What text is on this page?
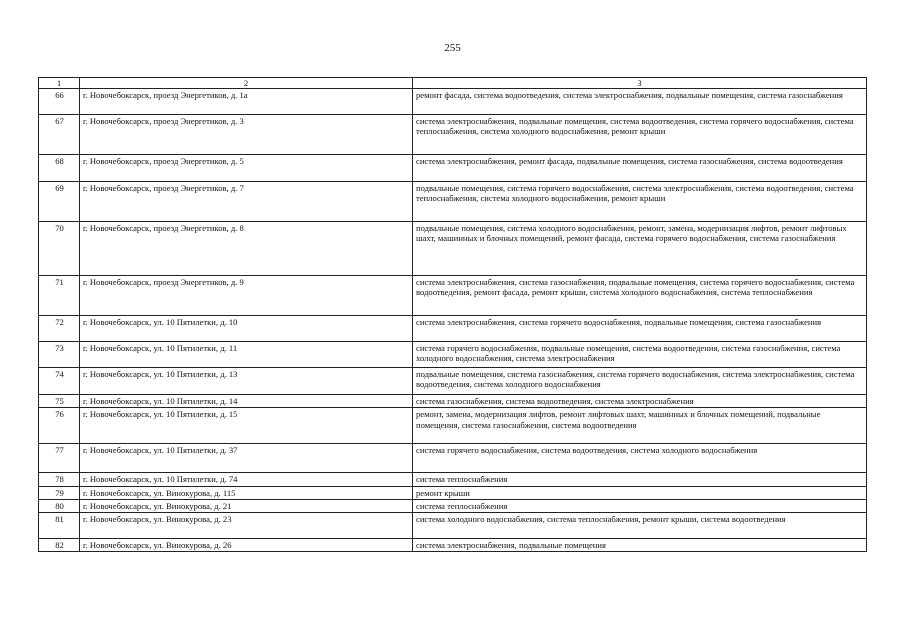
255
1	2	3
66	г. Новочебоксарск, проезд Энергетиков, д. 1а	ремонт фасада, система водоотведения, система электроснабжения, подвальные помещения, система газоснабжения
67	г. Новочебоксарск, проезд Энергетиков, д. 3	система электроснабжения, подвальные помещения, система водоотведения, система горячего водоснабжения, система теплоснабжения, система холодного водоснабжения, ремонт крыши
68	г. Новочебоксарск, проезд Энергетиков, д. 5	система электроснабжения, ремонт фасада, подвальные помещения, система газоснабжения, система водоотведения
69	г. Новочебоксарск, проезд Энергетиков, д. 7	подвальные помещения, система горячего водоснабжения, система электроснабжения, система водоотведения, система теплоснабжения, система холодного водоснабжения, ремонт крыши
70	г. Новочебоксарск, проезд Энергетиков, д. 8	подвальные помещения, система холодного водоснабжения, ремонт, замена, модернизация лифтов, ремонт лифтовых шахт, машинных и блочных помещений, ремонт фасада, система горячего водоснабжения, система газоснабжения
71	г. Новочебоксарск, проезд Энергетиков, д. 9	система электроснабжения, система газоснабжения, подвальные помещения, система горячего водоснабжения, система водоотведения, ремонт фасада, ремонт крыши, система холодного водоснабжения, система теплоснабжения
72	г. Новочебоксарск, ул. 10 Пятилетки, д. 10	система электроснабжения, система горячего водоснабжения, подвальные помещения, система газоснабжения
73	г. Новочебоксарск, ул. 10 Пятилетки, д. 11	система горячего водоснабжения, подвальные помещения, система водоотведения, система газоснабжения, система холодного водоснабжения, система электроснабжения
74	г. Новочебоксарск, ул. 10 Пятилетки, д. 13	подвальные помещения, система газоснабжения, система горячего водоснабжения, система электроснабжения, система водоотведения, система холодного водоснабжения
75	г. Новочебоксарск, ул. 10 Пятилетки, д. 14	система газоснабжения, система водоотведения, система электроснабжения
76	г. Новочебоксарск, ул. 10 Пятилетки, д. 15	ремонт, замена, модернизация лифтов, ремонт лифтовых шахт, машинных и блочных помещений, подвальные помещения, система газоснабжения, система водоотведения
77	г. Новочебоксарск, ул. 10 Пятилетки, д. 37	система горячего водоснабжения, система водоотведения, система холодного водоснабжения
78	г. Новочебоксарск, ул. 10 Пятилетки, д. 74	система теплоснабжения
79	г. Новочебоксарск, ул. Винокурова, д. 115	ремонт крыши
80	г. Новочебоксарск, ул. Винокурова, д. 21	система теплоснабжения
81	г. Новочебоксарск, ул. Винокурова, д. 23	система холодного водоснабжения, система теплоснабжения, ремонт крыши, система водоотведения
82	г. Новочебоксарск, ул. Винокурова, д. 26	система электроснабжения, подвальные помещения
